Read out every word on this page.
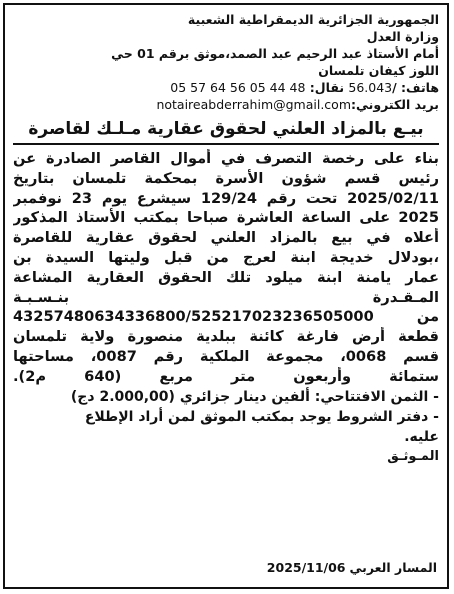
الجمهورية الجزائرية الديمقراطية الشعبية
وزارة العدل
أمام الأستاذ عبد الرحيم عبد الصمد،موثق برقم 01 حي
اللوز كيفان تلمسان
هاتف: /56.043 نقال: 05 57 64 56 05 44 48
بريد الكتروني:notaireabderrahim@gmail.com
بيـع بالمزاد العلني لحقوق عقارية مـلـك لقاصرة
بناء على رخصة التصرف في أموال القاصر الصادرة عن
رئيس قسم شؤون الأسرة بمحكمة تلمسان بتاريخ
2025/02/11 تحت رقم 129/24 سيشرع يوم 23 نوفمبر
2025 على الساعة العاشرة صباحا بمكتب الأستاذ المذكور
أعلاه في بيع بالمزاد العلني لحقوق عقارية للقاصرة
،بودلال خديجة ابنة لعرج من قبل وليتها السيدة بن
عمار يامنة ابنة ميلود تلك الحقوق العقارية المشاعة
المـقـدرة بنـسـبـة
من 43257480634336800/525217023236505000
قطعة أرض فارغة كائنة ببلدية منصورة ولاية تلمسان
قسم 0068، مجموعة الملكية رقم 0087، مساحتها
ستمائة وأربعون متر مربع (640 م2).
- الثمن الافتتاحي: ألفين دينار جزائري (2.000,00 دج)
- دفتر الشروط يوجد بمكتب الموثق لمن أراد الإطلاع
عليه.
المـوثـق
المسار العربي
2025/11/06
